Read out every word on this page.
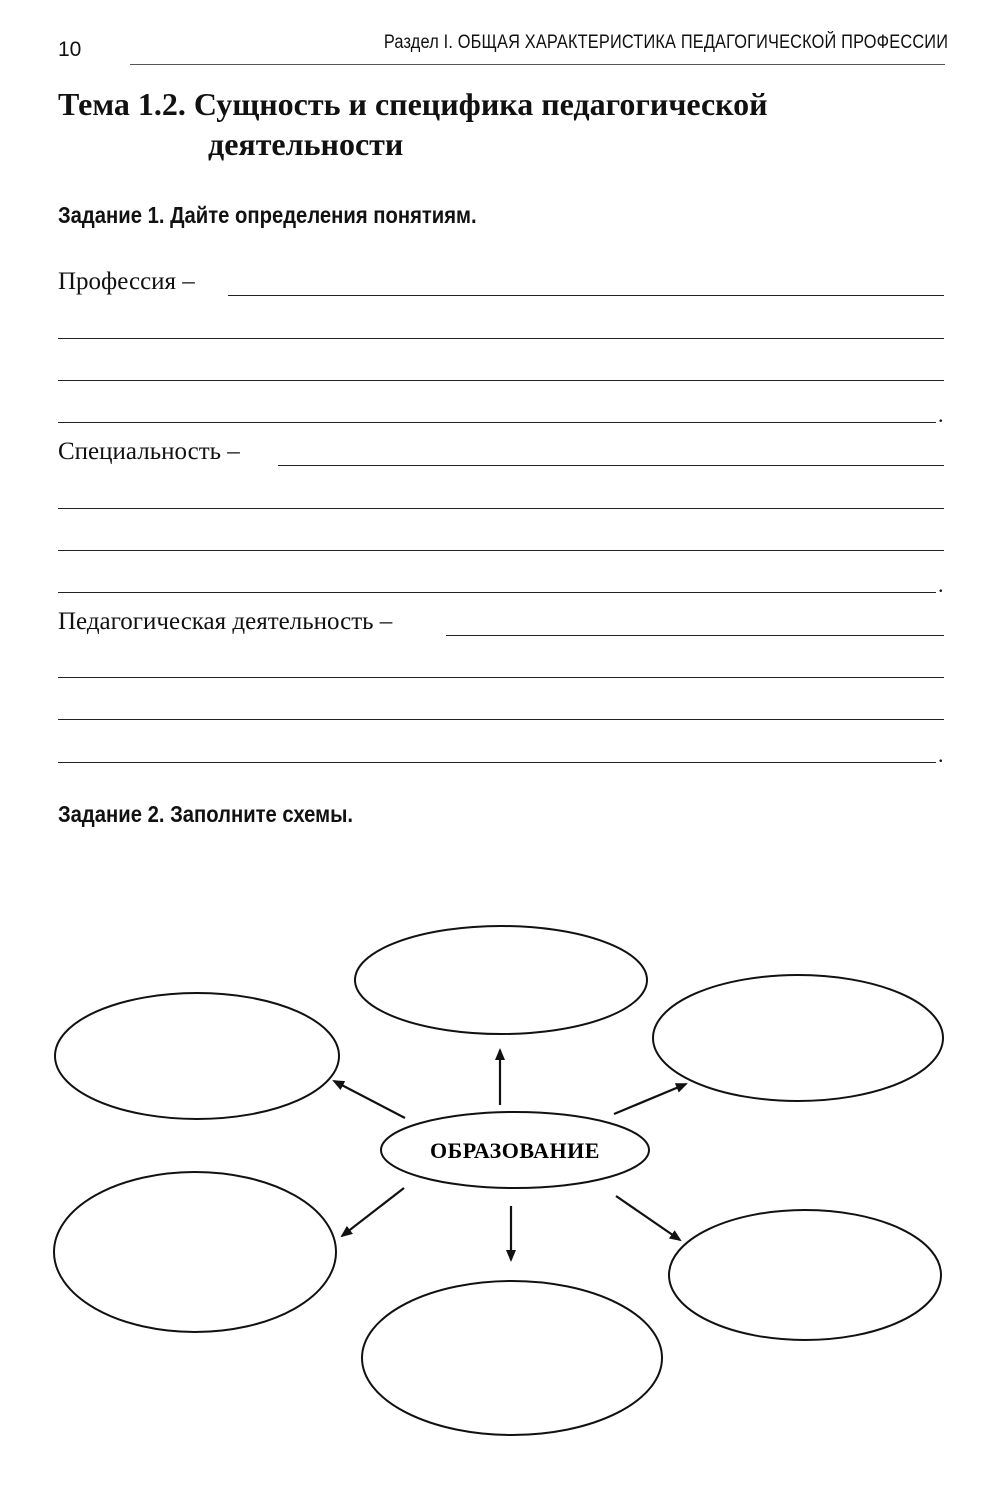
10	Раздел I. ОБЩАЯ ХАРАКТЕРИСТИКА ПЕДАГОГИЧЕСКОЙ ПРОФЕССИИ
Тема 1.2. Сущность и специфика педагогической
деятельности
Задание 1. Дайте определения понятиям.
Профессия –
.
Специальность –
.
Педагогическая деятельность –
.
Задание 2. Заполните схемы.
ОБРАЗОВАНИЕ
